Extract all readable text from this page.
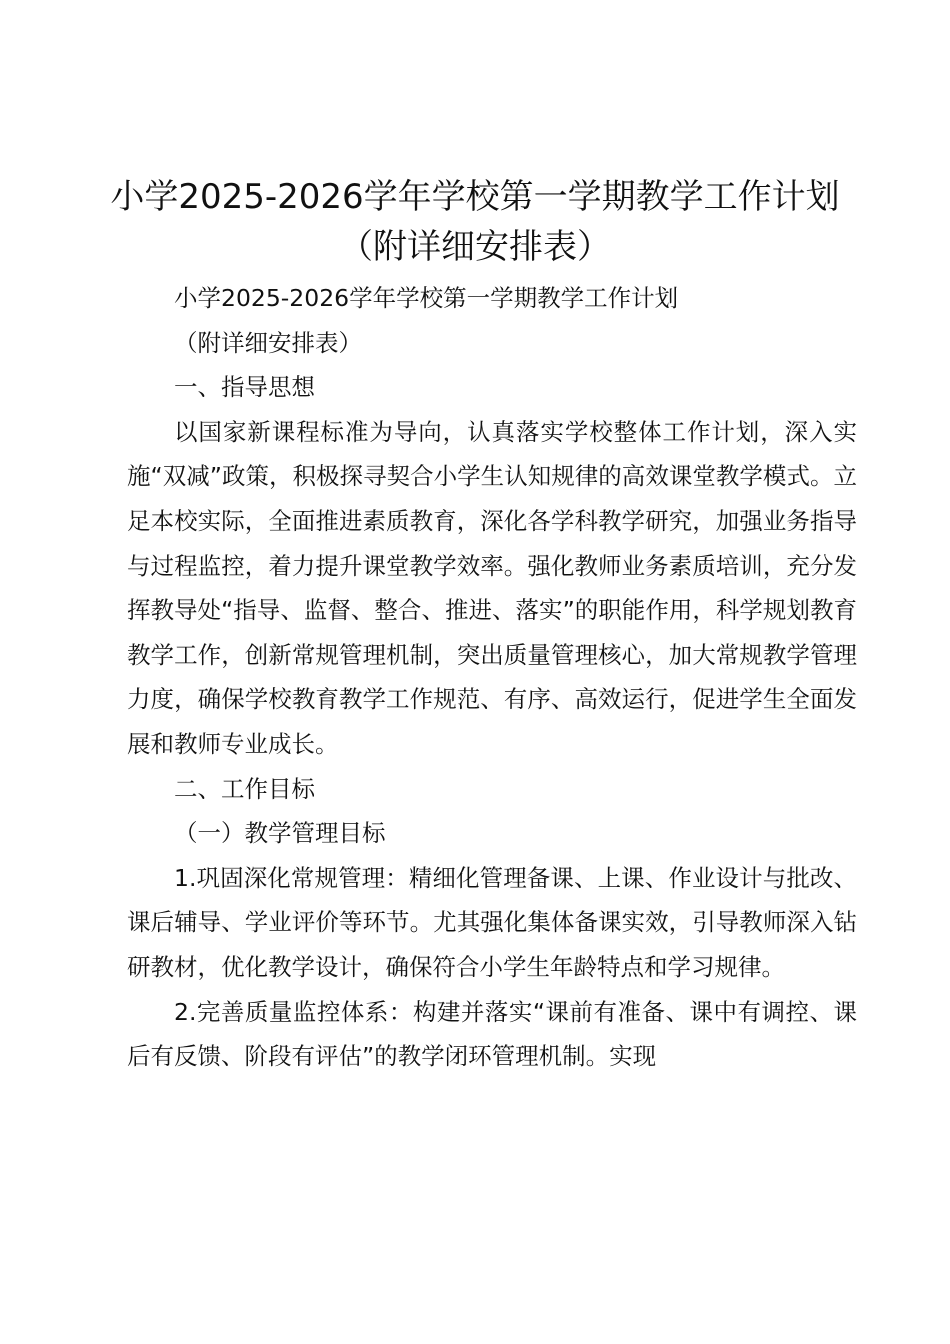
小学2025-2026学年学校第一学期教学工作计划（附详细安排表）

小学2025-2026学年学校第一学期教学工作计划

（附详细安排表）

一、指导思想

以国家新课程标准为导向，认真落实学校整体工作计划，深入实施“双减”政策，积极探寻契合小学生认知规律的高效课堂教学模式。立足本校实际，全面推进素质教育，深化各学科教学研究，加强业务指导与过程监控，着力提升课堂教学效率。强化教师业务素质培训，充分发挥教导处“指导、监督、整合、推进、落实”的职能作用，科学规划教育教学工作，创新常规管理机制，突出质量管理核心，加大常规教学管理力度，确保学校教育教学工作规范、有序、高效运行，促进学生全面发展和教师专业成长。

二、工作目标

（一）教学管理目标

1.巩固深化常规管理：精细化管理备课、上课、作业设计与批改、课后辅导、学业评价等环节。尤其强化集体备课实效，引导教师深入钻研教材，优化教学设计，确保符合小学生年龄特点和学习规律。

2.完善质量监控体系：构建并落实“课前有准备、课中有调控、课后有反馈、阶段有评估”的教学闭环管理机制。实现
